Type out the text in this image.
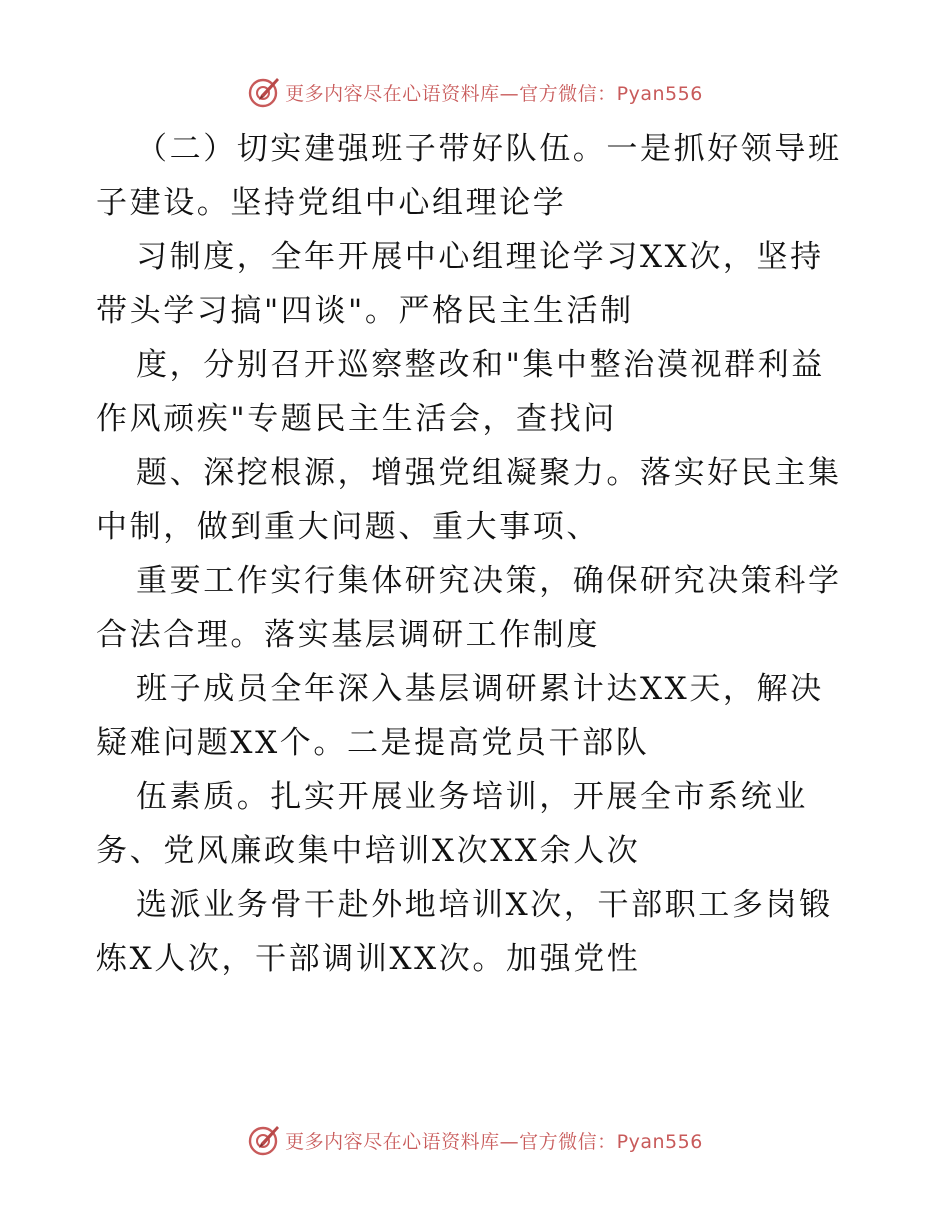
更多内容尽在心语资料库—官方微信：Pyan556
（二）切实建强班子带好队伍。一是抓好领导班
子建设。坚持党组中心组理论学
习制度，全年开展中心组理论学习XX次，坚持
带头学习搞"四谈"。严格民主生活制
度，分别召开巡察整改和"集中整治漠视群利益
作风顽疾"专题民主生活会，查找问
题、深挖根源，增强党组凝聚力。落实好民主集
中制，做到重大问题、重大事项、
重要工作实行集体研究决策，确保研究决策科学
合法合理。落实基层调研工作制度
班子成员全年深入基层调研累计达XX天，解决
疑难问题XX个。二是提高党员干部队
伍素质。扎实开展业务培训，开展全市系统业
务、党风廉政集中培训X次XX余人次
选派业务骨干赴外地培训X次，干部职工多岗锻
炼X人次，干部调训XX次。加强党性
更多内容尽在心语资料库—官方微信：Pyan556
